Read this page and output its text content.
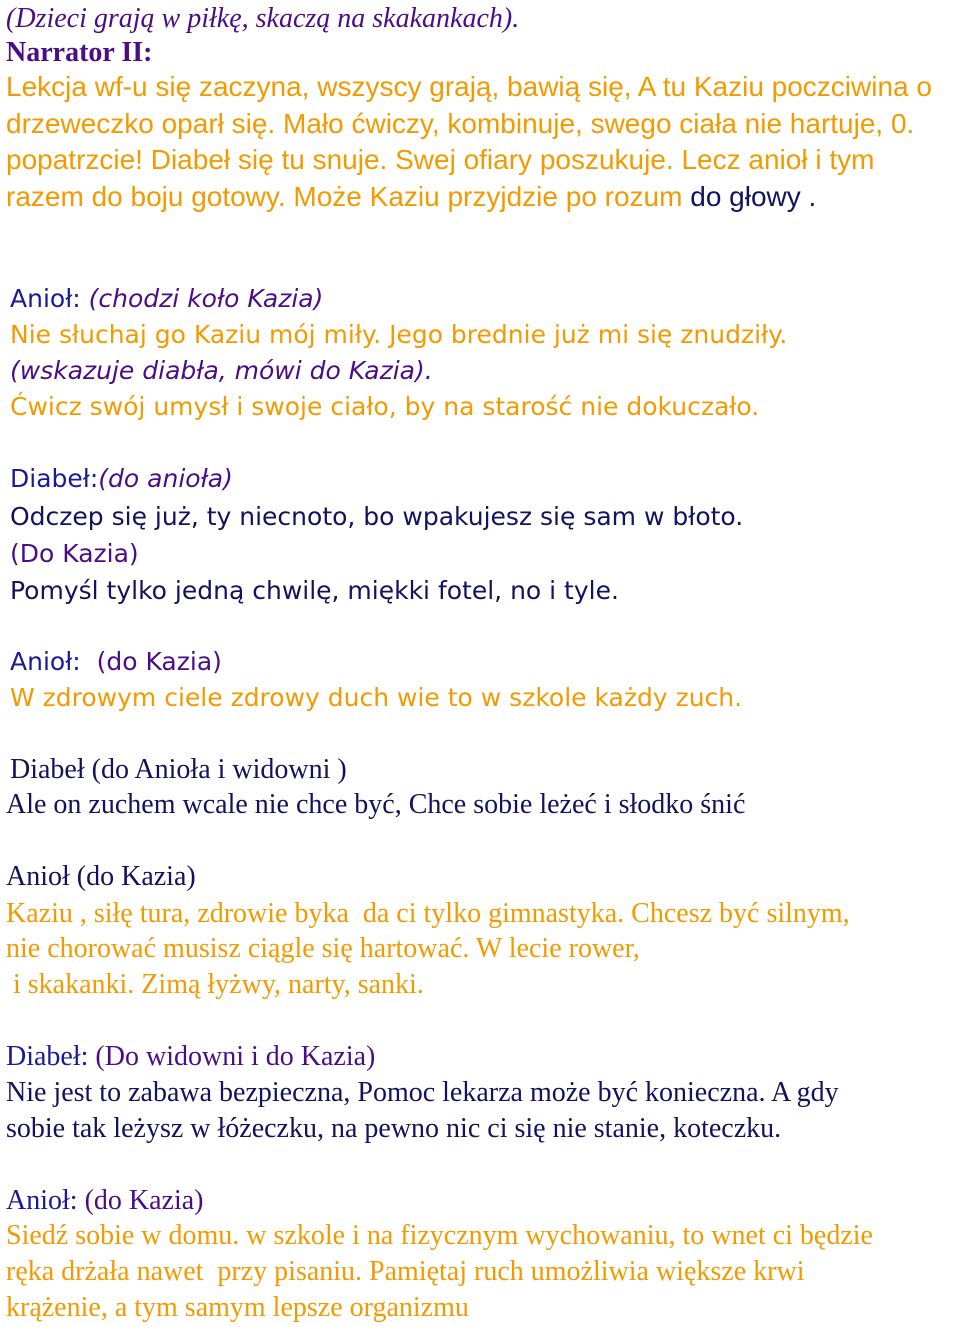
(Dzieci grają w piłkę, skaczą na skakankach).
Narrator II:
Lekcja wf-u się zaczyna, wszyscy grają, bawią się, A tu Kaziu poczciwina o
drzeweczko oparł się. Mało ćwiczy, kombinuje, swego ciała nie hartuje, 0.
popatrzcie! Diabeł się tu snuje. Swej ofiary poszukuje. Lecz anioł i tym
razem do boju gotowy. Może Kaziu przyjdzie po rozum do głowy .
Anioł: (chodzi koło Kazia)
Nie słuchaj go Kaziu mój miły. Jego brednie już mi się znudziły.
(wskazuje diabła, mówi do Kazia).
Ćwicz swój umysł i swoje ciało, by na starość nie dokuczało.
Diabeł:(do anioła)
Odczep się już, ty niecnoto, bo wpakujesz się sam w błoto.
(Do Kazia)
Pomyśl tylko jedną chwilę, miękki fotel, no i tyle.
Anioł:  (do Kazia)
W zdrowym ciele zdrowy duch wie to w szkole każdy zuch.
Diabeł (do Anioła i widowni )
Ale on zuchem wcale nie chce być, Chce sobie leżeć i słodko śnić
Anioł (do Kazia)
Kaziu , siłę tura, zdrowie byka  da ci tylko gimnastyka. Chcesz być silnym,
nie chorować musisz ciągle się hartować. W lecie rower,
i skakanki. Zimą łyżwy, narty, sanki.
Diabeł: (Do widowni i do Kazia)
Nie jest to zabawa bezpieczna, Pomoc lekarza może być konieczna. A gdy
sobie tak leżysz w łóżeczku, na pewno nic ci się nie stanie, koteczku.
Anioł: (do Kazia)
Siedź sobie w domu. w szkole i na fizycznym wychowaniu, to wnet ci będzie
ręka drżała nawet  przy pisaniu. Pamiętaj ruch umożliwia większe krwi
krążenie, a tym samym lepsze organizmu
